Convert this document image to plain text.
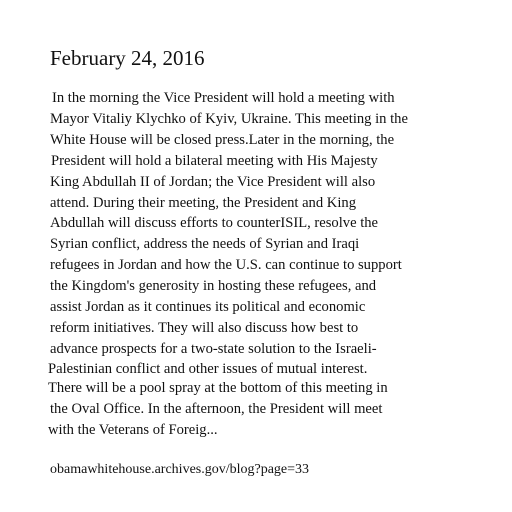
February 24, 2016
In the morning the Vice President will hold a meeting with
Mayor Vitaliy Klychko of Kyiv, Ukraine. This meeting in the
White House will be closed press.Later in the morning, the
President will hold a bilateral meeting with His Majesty
King Abdullah II of Jordan; the Vice President will also
attend. During their meeting, the President and King
Abdullah will discuss efforts to counterISIL, resolve the
Syrian conflict, address the needs of Syrian and Iraqi
refugees in Jordan and how the U.S. can continue to support
the Kingdom's generosity in hosting these refugees, and
assist Jordan as it continues its political and economic
reform initiatives. They will also discuss how best to
advance prospects for a two-state solution to the Israeli-
Palestinian conflict and other issues of mutual interest.
There will be a pool spray at the bottom of this meeting in
the Oval Office. In the afternoon, the President will meet
with the Veterans of Foreig...
obamawhitehouse.archives.gov/blog?page=33
